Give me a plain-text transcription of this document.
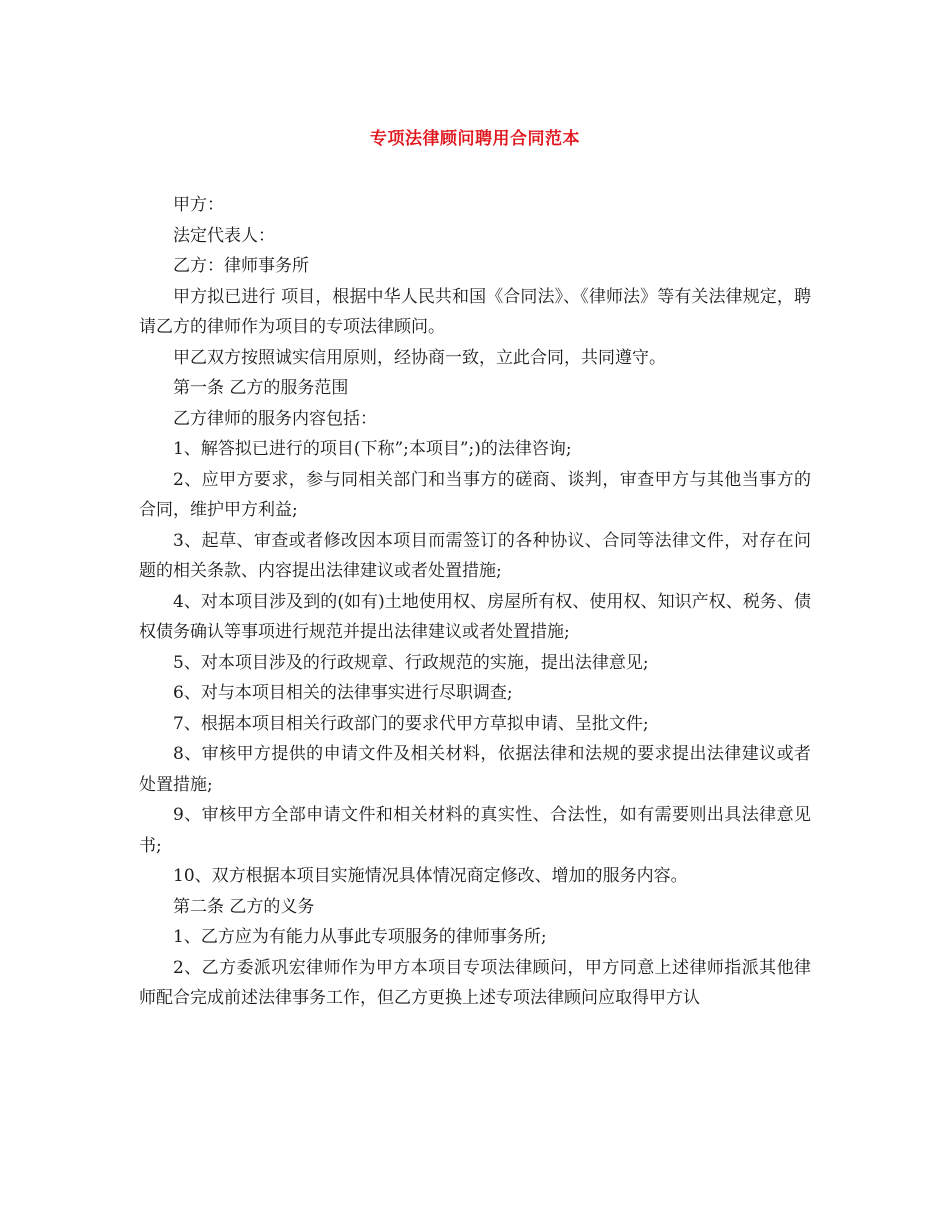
专项法律顾问聘用合同范本

甲方：

法定代表人：

乙方：律师事务所

甲方拟已进行 项目，根据中华人民共和国《合同法》、《律师法》等有关法律规定，聘请乙方的律师作为项目的专项法律顾问。

甲乙双方按照诚实信用原则，经协商一致，立此合同，共同遵守。

第一条 乙方的服务范围

乙方律师的服务内容包括：

1、解答拟已进行的项目(下称”;本项目”;)的法律咨询;

2、应甲方要求，参与同相关部门和当事方的磋商、谈判，审查甲方与其他当事方的合同，维护甲方利益;

3、起草、审查或者修改因本项目而需签订的各种协议、合同等法律文件，对存在问题的相关条款、内容提出法律建议或者处置措施;

4、对本项目涉及到的(如有)土地使用权、房屋所有权、使用权、知识产权、税务、债权债务确认等事项进行规范并提出法律建议或者处置措施;

5、对本项目涉及的行政规章、行政规范的实施，提出法律意见;

6、对与本项目相关的法律事实进行尽职调查;

7、根据本项目相关行政部门的要求代甲方草拟申请、呈批文件;

8、审核甲方提供的申请文件及相关材料，依据法律和法规的要求提出法律建议或者处置措施;

9、审核甲方全部申请文件和相关材料的真实性、合法性，如有需要则出具法律意见书;

10、双方根据本项目实施情况具体情况商定修改、增加的服务内容。

第二条 乙方的义务

1、乙方应为有能力从事此专项服务的律师事务所;

2、乙方委派巩宏律师作为甲方本项目专项法律顾问，甲方同意上述律师指派其他律师配合完成前述法律事务工作，但乙方更换上述专项法律顾问应取得甲方认
